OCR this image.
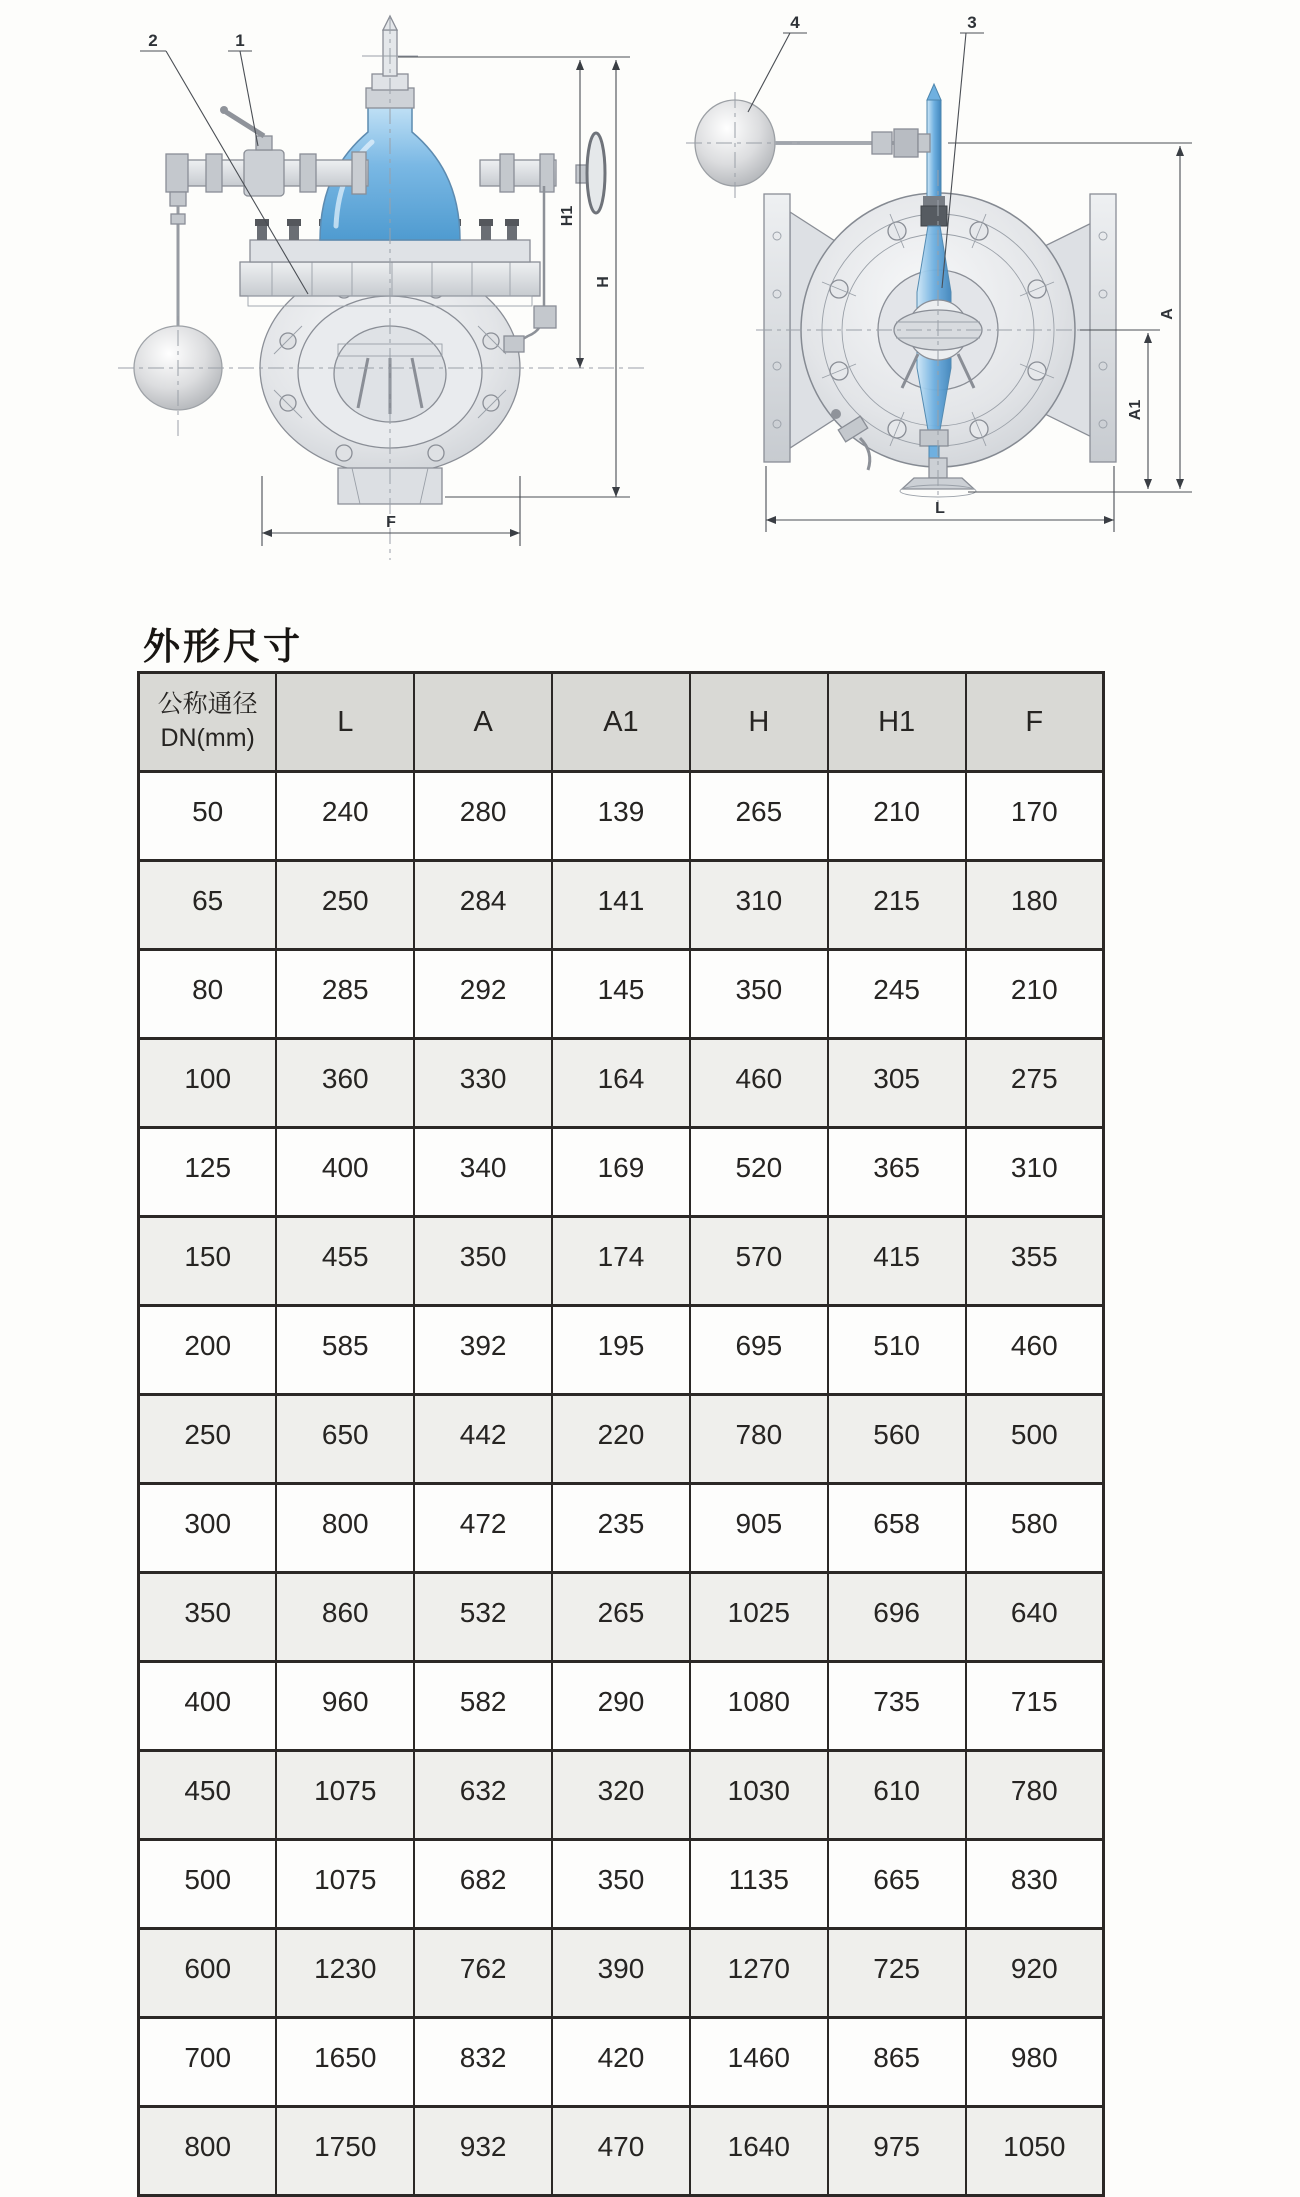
H1
H
F
2	1
A
A1
L
4	3
外形尺寸
公称通径
DN(mm)	L	A	A1	H	H1	F
50	240	280	139	265	210	170
65	250	284	141	310	215	180
80	285	292	145	350	245	210
100	360	330	164	460	305	275
125	400	340	169	520	365	310
150	455	350	174	570	415	355
200	585	392	195	695	510	460
250	650	442	220	780	560	500
300	800	472	235	905	658	580
350	860	532	265	1025	696	640
400	960	582	290	1080	735	715
450	1075	632	320	1030	610	780
500	1075	682	350	1135	665	830
600	1230	762	390	1270	725	920
700	1650	832	420	1460	865	980
800	1750	932	470	1640	975	1050
